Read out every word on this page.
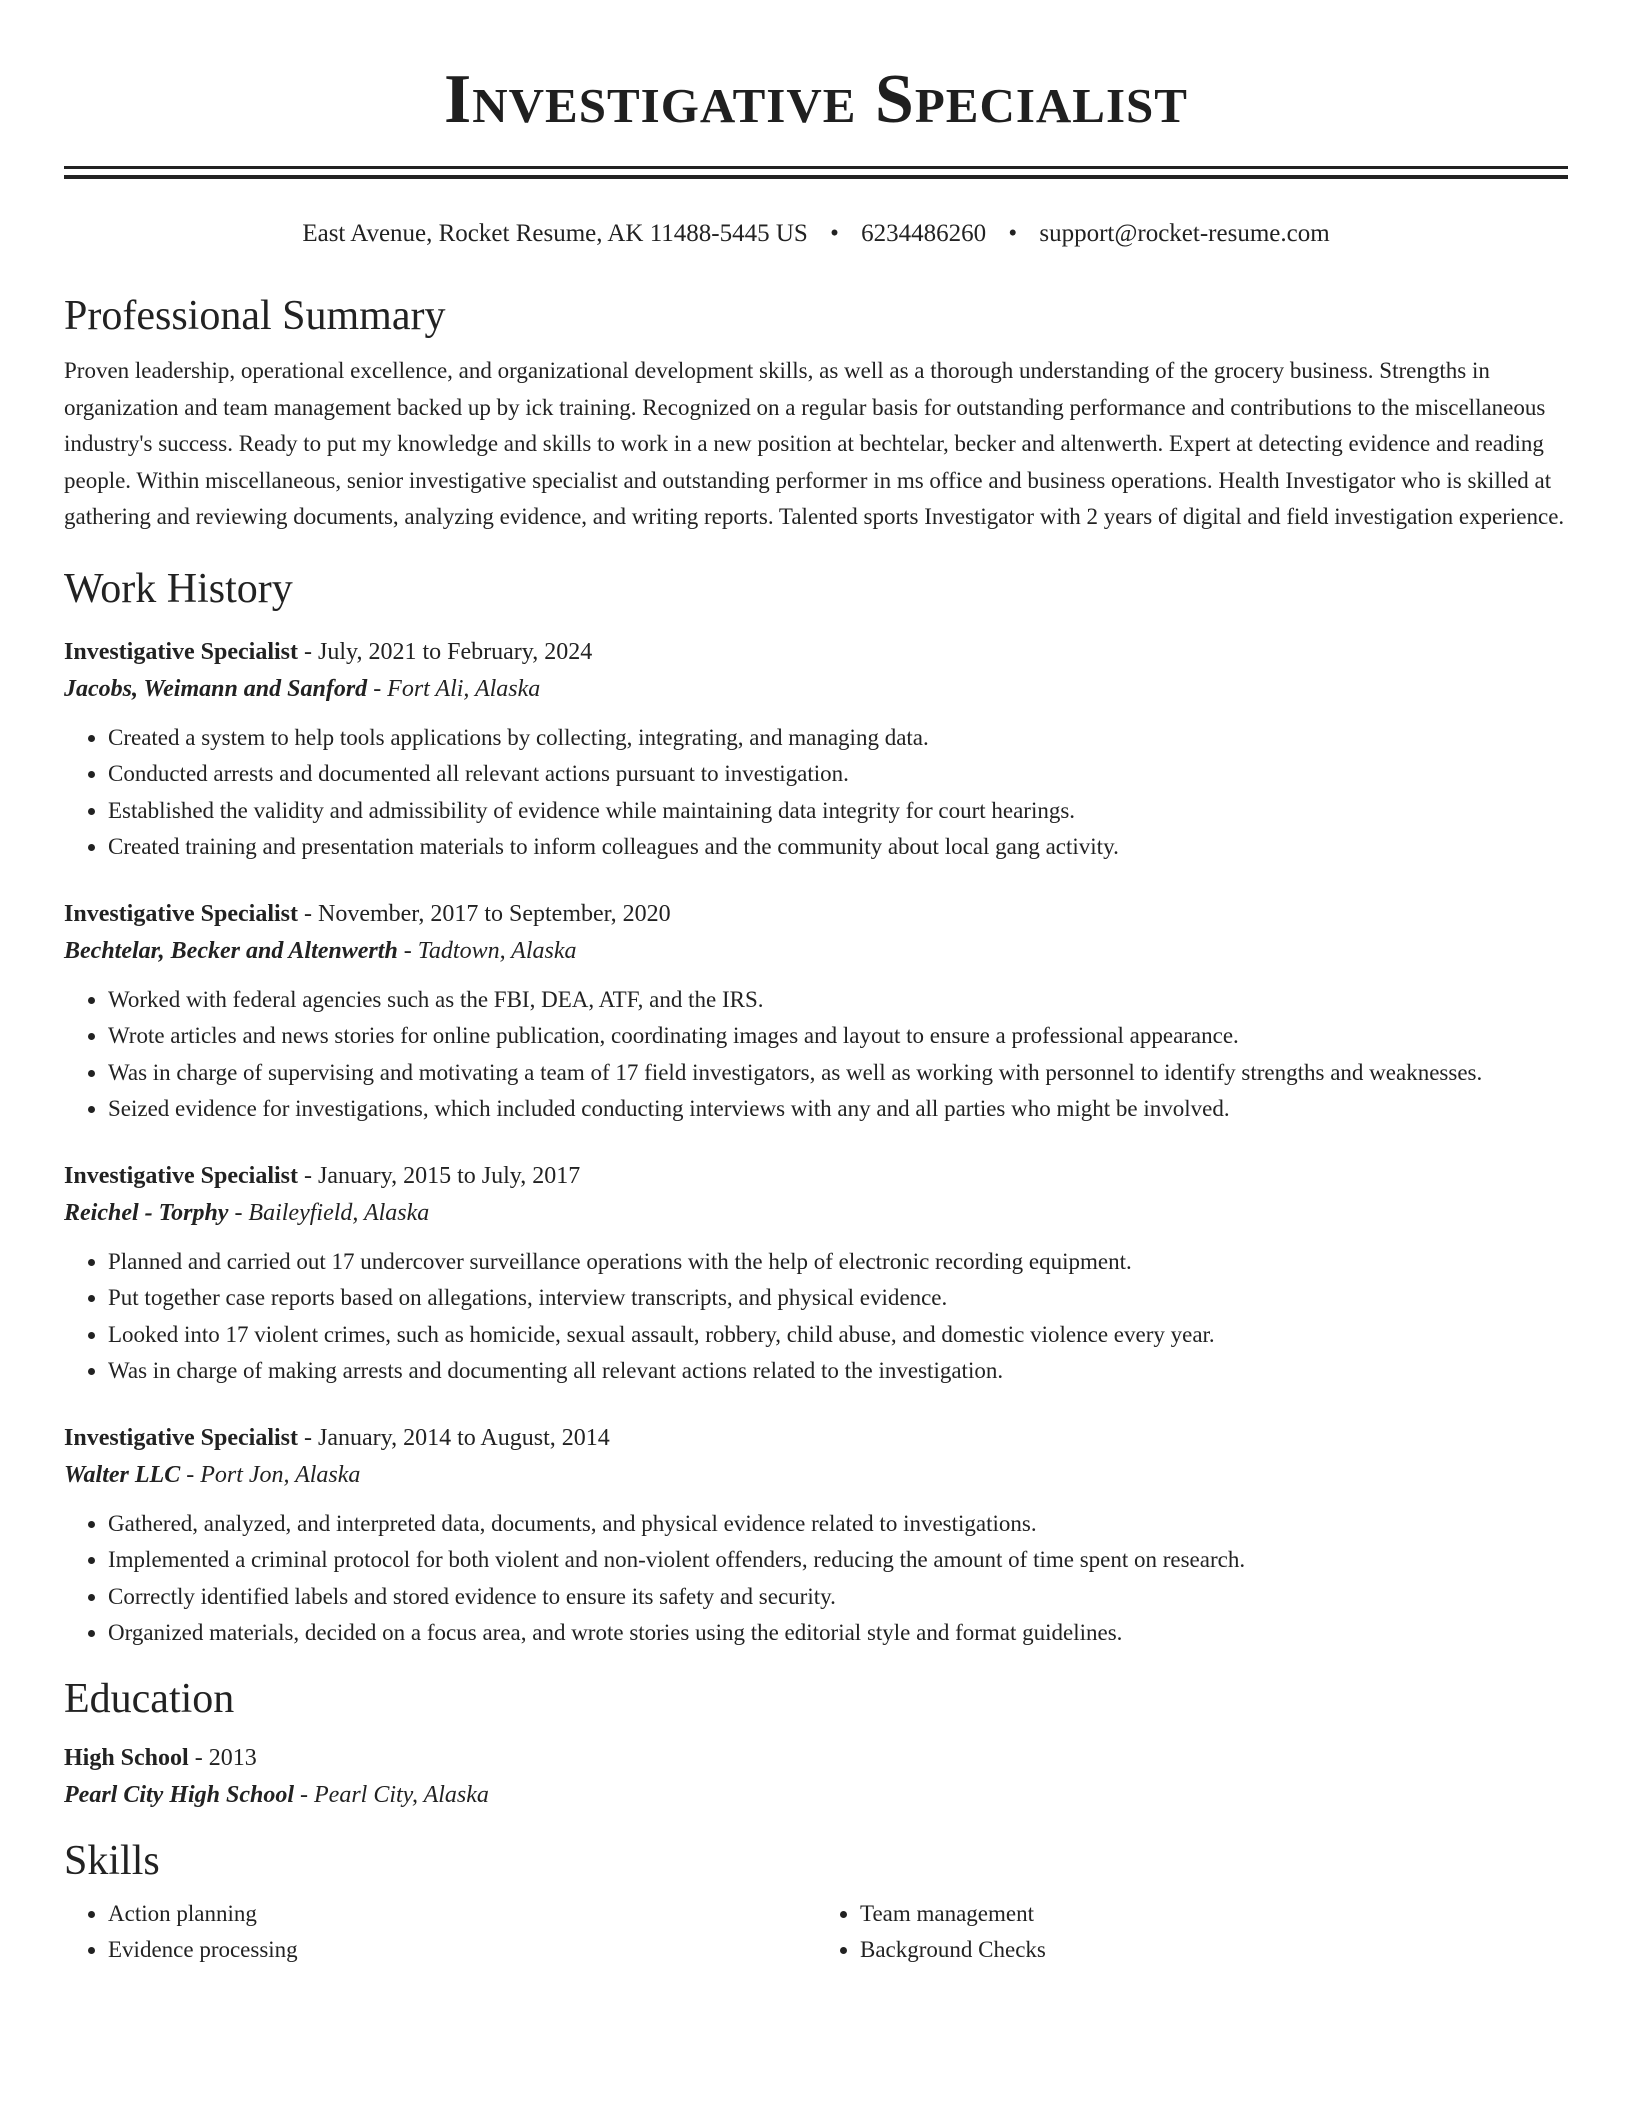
Investigative Specialist
East Avenue, Rocket Resume, AK 11488-5445 US • 6234486260 • support@rocket-resume.com
Professional Summary
Proven leadership, operational excellence, and organizational development skills, as well as a thorough understanding of the grocery business. Strengths in organization and team management backed up by ick training. Recognized on a regular basis for outstanding performance and contributions to the miscellaneous industry's success. Ready to put my knowledge and skills to work in a new position at bechtelar, becker and altenwerth. Expert at detecting evidence and reading people. Within miscellaneous, senior investigative specialist and outstanding performer in ms office and business operations. Health Investigator who is skilled at gathering and reviewing documents, analyzing evidence, and writing reports. Talented sports Investigator with 2 years of digital and field investigation experience.
Work History
Investigative Specialist - July, 2021 to February, 2024
Jacobs, Weimann and Sanford - Fort Ali, Alaska
• Created a system to help tools applications by collecting, integrating, and managing data.
• Conducted arrests and documented all relevant actions pursuant to investigation.
• Established the validity and admissibility of evidence while maintaining data integrity for court hearings.
• Created training and presentation materials to inform colleagues and the community about local gang activity.
Investigative Specialist - November, 2017 to September, 2020
Bechtelar, Becker and Altenwerth - Tadtown, Alaska
• Worked with federal agencies such as the FBI, DEA, ATF, and the IRS.
• Wrote articles and news stories for online publication, coordinating images and layout to ensure a professional appearance.
• Was in charge of supervising and motivating a team of 17 field investigators, as well as working with personnel to identify strengths and weaknesses.
• Seized evidence for investigations, which included conducting interviews with any and all parties who might be involved.
Investigative Specialist - January, 2015 to July, 2017
Reichel - Torphy - Baileyfield, Alaska
• Planned and carried out 17 undercover surveillance operations with the help of electronic recording equipment.
• Put together case reports based on allegations, interview transcripts, and physical evidence.
• Looked into 17 violent crimes, such as homicide, sexual assault, robbery, child abuse, and domestic violence every year.
• Was in charge of making arrests and documenting all relevant actions related to the investigation.
Investigative Specialist - January, 2014 to August, 2014
Walter LLC - Port Jon, Alaska
• Gathered, analyzed, and interpreted data, documents, and physical evidence related to investigations.
• Implemented a criminal protocol for both violent and non-violent offenders, reducing the amount of time spent on research.
• Correctly identified labels and stored evidence to ensure its safety and security.
• Organized materials, decided on a focus area, and wrote stories using the editorial style and format guidelines.
Education
High School - 2013
Pearl City High School - Pearl City, Alaska
Skills
• Action planning
• Evidence processing
• Team management
• Background Checks
